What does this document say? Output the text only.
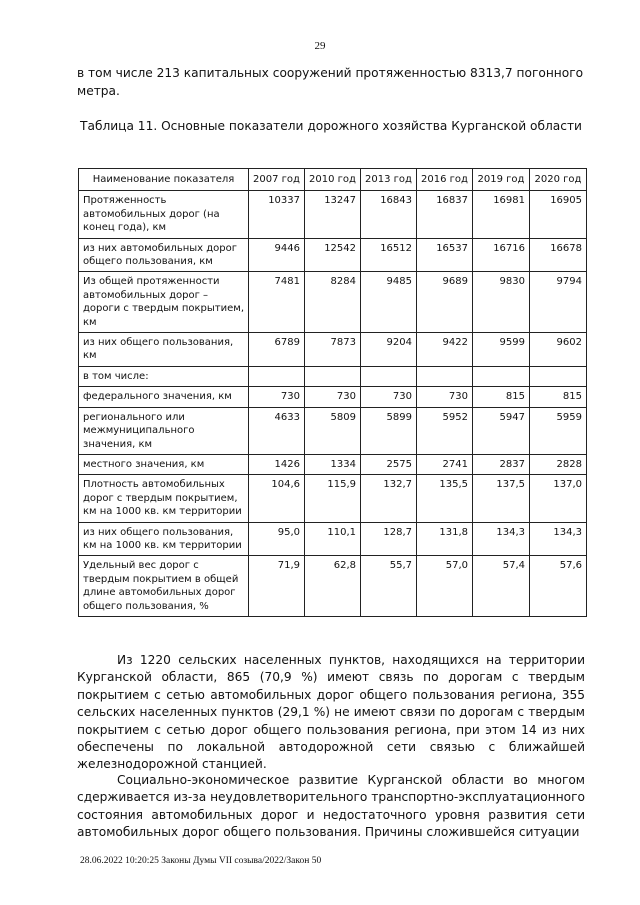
29
в том числе 213 капитальных сооружений протяженностью 8313,7 погонного метра.
Таблица 11. Основные показатели дорожного хозяйства Курганской области
Наименование показателя	2007 год	2010 год	2013 год	2016 год	2019 год	2020 год
Протяженность автомобильных дорог (на конец года), км	10337	13247	16843	16837	16981	16905
из них автомобильных дорог общего пользования, км	9446	12542	16512	16537	16716	16678
Из общей протяженности автомобильных дорог – дороги с твердым покрытием, км	7481	8284	9485	9689	9830	9794
из них общего пользования, км	6789	7873	9204	9422	9599	9602
в том числе:						
федерального значения, км	730	730	730	730	815	815
регионального или межмуниципального значения, км	4633	5809	5899	5952	5947	5959
местного значения, км	1426	1334	2575	2741	2837	2828
Плотность автомобильных дорог с твердым покрытием, км на 1000 кв. км территории	104,6	115,9	132,7	135,5	137,5	137,0
из них общего пользования, км на 1000 кв. км территории	95,0	110,1	128,7	131,8	134,3	134,3
Удельный вес дорог с твердым покрытием в общей длине автомобильных дорог общего пользования, %	71,9	62,8	55,7	57,0	57,4	57,6
Из 1220 сельских населенных пунктов, находящихся на территории Курганской области, 865 (70,9 %) имеют связь по дорогам с твердым покрытием с сетью автомобильных дорог общего пользования региона, 355 сельских населенных пунктов (29,1 %) не имеют связи по дорогам с твердым покрытием с сетью дорог общего пользования региона, при этом 14 из них обеспечены по локальной автодорожной сети связью с ближайшей железнодорожной станцией.
Социально-экономическое развитие Курганской области во многом сдерживается из-за неудовлетворительного транспортно-эксплуатационного состояния автомобильных дорог и недостаточного уровня развития сети автомобильных дорог общего пользования. Причины сложившейся ситуации
28.06.2022 10:20:25 Законы Думы VII созыва/2022/Закон 50
